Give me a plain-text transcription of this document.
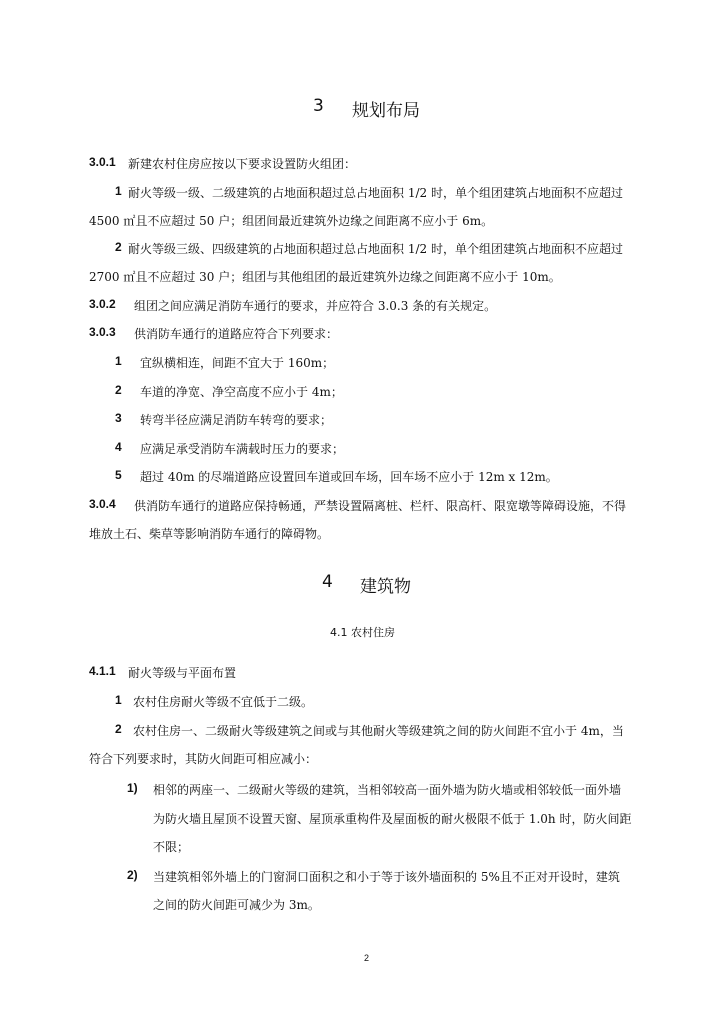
3 规划布局
3.0.1 新建农村住房应按以下要求设置防火组团：
1 耐火等级一级、二级建筑的占地面积超过总占地面积 1/2 时，单个组团建筑占地面积不应超过
4500 ㎡且不应超过 50 户；组团间最近建筑外边缘之间距离不应小于 6m。
2 耐火等级三级、四级建筑的占地面积超过总占地面积 1/2 时，单个组团建筑占地面积不应超过
2700 ㎡且不应超过 30 户；组团与其他组团的最近建筑外边缘之间距离不应小于 10m。
3.0.2 组团之间应满足消防车通行的要求，并应符合 3.0.3 条的有关规定。
3.0.3 供消防车通行的道路应符合下列要求：
1 宜纵横相连，间距不宜大于 160m；
2 车道的净宽、净空高度不应小于 4m；
3 转弯半径应满足消防车转弯的要求；
4 应满足承受消防车满载时压力的要求；
5 超过 40m 的尽端道路应设置回车道或回车场，回车场不应小于 12m x 12m。
3.0.4 供消防车通行的道路应保持畅通，严禁设置隔离桩、栏杆、限高杆、限宽墩等障碍设施，不得
堆放土石、柴草等影响消防车通行的障碍物。
4 建筑物
4.1 农村住房
4.1.1 耐火等级与平面布置
1 农村住房耐火等级不宜低于二级。
2 农村住房一、二级耐火等级建筑之间或与其他耐火等级建筑之间的防火间距不宜小于 4m，当
符合下列要求时，其防火间距可相应减小：
1) 相邻的两座一、二级耐火等级的建筑，当相邻较高一面外墙为防火墙或相邻较低一面外墙
为防火墙且屋顶不设置天窗、屋顶承重构件及屋面板的耐火极限不低于 1.0h 时，防火间距
不限；
2) 当建筑相邻外墙上的门窗洞口面积之和小于等于该外墙面积的 5%且不正对开设时，建筑
之间的防火间距可减少为 3m。
2
